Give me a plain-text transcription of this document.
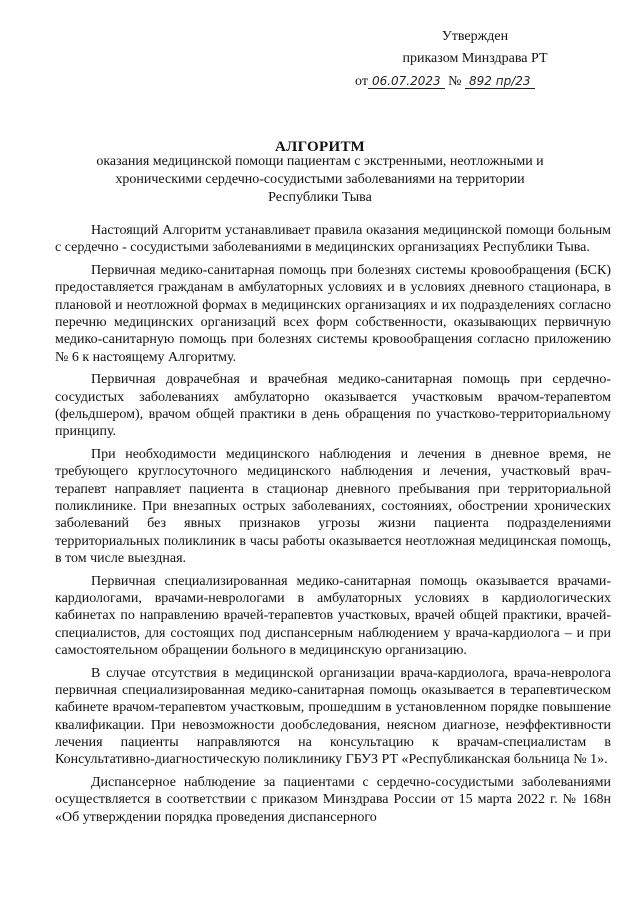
Утвержден
приказом Минздрава РТ
от 06.07.2023 № 892 пр/23
АЛГОРИТМ
оказания медицинской помощи пациентам с экстренными, неотложными и хроническими сердечно-сосудистыми заболеваниями на территории Республики Тыва

Настоящий Алгоритм устанавливает правила оказания медицинской помощи больным с сердечно - сосудистыми заболеваниями в медицинских организациях Республики Тыва.

Первичная медико-санитарная помощь при болезнях системы кровообращения (БСК) предоставляется гражданам в амбулаторных условиях и в условиях дневного стационара, в плановой и неотложной формах в медицинских организациях и их подразделениях согласно перечню медицинских организаций всех форм собственности, оказывающих первичную медико-санитарную помощь при болезнях системы кровообращения согласно приложению № 6 к настоящему Алгоритму.

Первичная доврачебная и врачебная медико-санитарная помощь при сердечно-сосудистых заболеваниях амбулаторно оказывается участковым врачом-терапевтом (фельдшером), врачом общей практики в день обращения по участково-территориальному принципу.

При необходимости медицинского наблюдения и лечения в дневное время, не требующего круглосуточного медицинского наблюдения и лечения, участковый врач-терапевт направляет пациента в стационар дневного пребывания при территориальной поликлинике. При внезапных острых заболеваниях, состояниях, обострении хронических заболеваний без явных признаков угрозы жизни пациента подразделениями территориальных поликлиник в часы работы оказывается неотложная медицинская помощь, в том числе выездная.

Первичная специализированная медико-санитарная помощь оказывается врачами-кардиологами, врачами-неврологами в амбулаторных условиях в кардиологических кабинетах по направлению врачей-терапевтов участковых, врачей общей практики, врачей-специалистов, для состоящих под диспансерным наблюдением у врача-кардиолога – и при самостоятельном обращении больного в медицинскую организацию.

В случае отсутствия в медицинской организации врача-кардиолога, врача-невролога первичная специализированная медико-санитарная помощь оказывается в терапевтическом кабинете врачом-терапевтом участковым, прошедшим в установленном порядке повышение квалификации. При невозможности дообследования, неясном диагнозе, неэффективности лечения пациенты направляются на консультацию к врачам-специалистам в Консультативно-диагностическую поликлинику ГБУЗ РТ «Республиканская больница № 1».

Диспансерное наблюдение за пациентами с сердечно-сосудистыми заболеваниями осуществляется в соответствии с приказом Минздрава России от 15 марта 2022 г. № 168н «Об утверждении порядка проведения диспансерного
